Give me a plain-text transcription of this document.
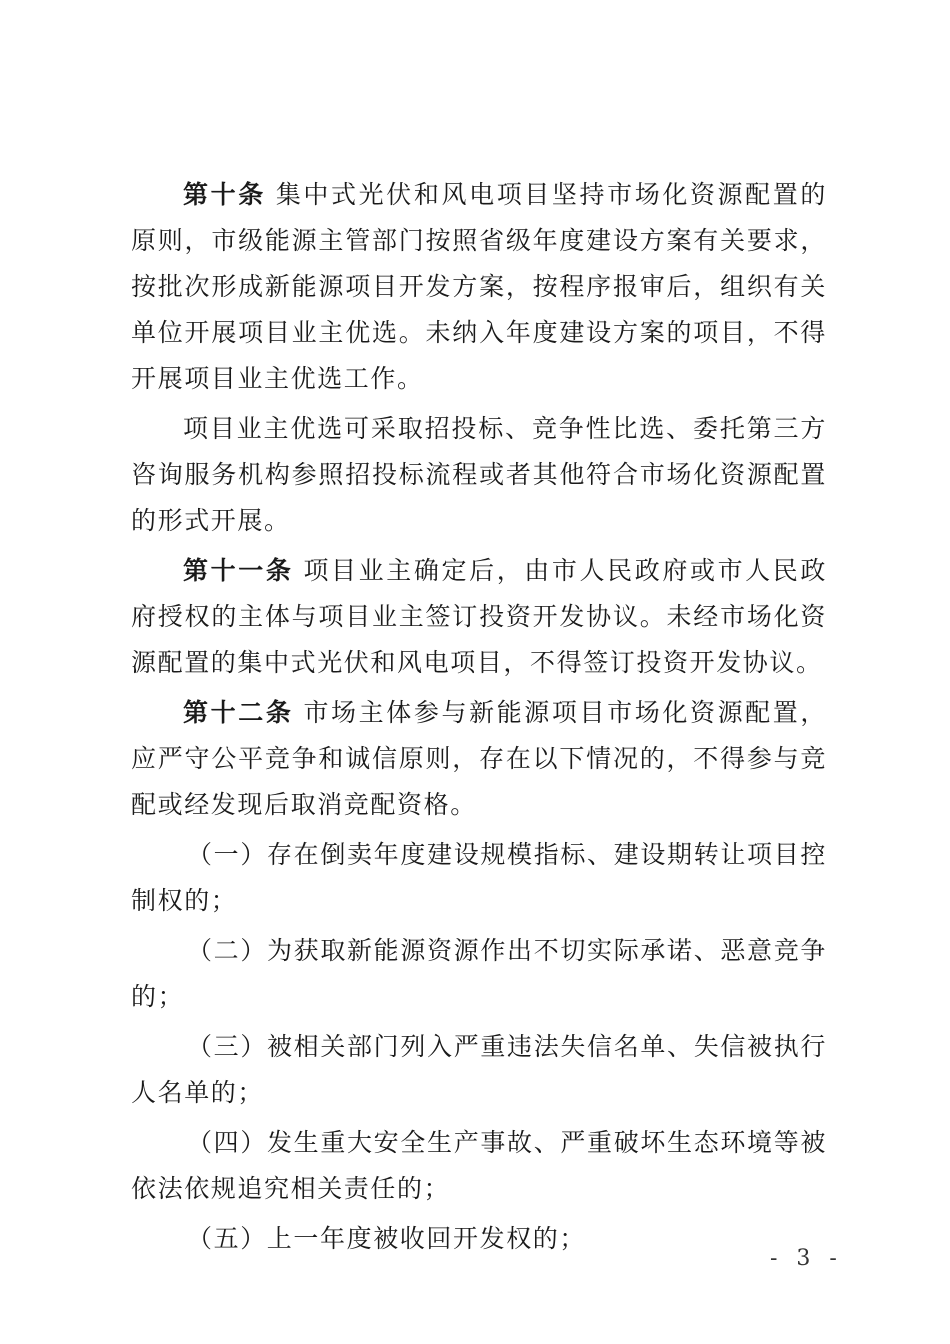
第十条 集中式光伏和风电项目坚持市场化资源配置的原则，市级能源主管部门按照省级年度建设方案有关要求，按批次形成新能源项目开发方案，按程序报审后，组织有关单位开展项目业主优选。未纳入年度建设方案的项目，不得开展项目业主优选工作。

项目业主优选可采取招投标、竞争性比选、委托第三方咨询服务机构参照招投标流程或者其他符合市场化资源配置的形式开展。

第十一条 项目业主确定后，由市人民政府或市人民政府授权的主体与项目业主签订投资开发协议。未经市场化资源配置的集中式光伏和风电项目，不得签订投资开发协议。

第十二条 市场主体参与新能源项目市场化资源配置，应严守公平竞争和诚信原则，存在以下情况的，不得参与竞配或经发现后取消竞配资格。

（一）存在倒卖年度建设规模指标、建设期转让项目控制权的；

（二）为获取新能源资源作出不切实际承诺、恶意竞争的；

（三）被相关部门列入严重违法失信名单、失信被执行人名单的；

（四）发生重大安全生产事故、严重破坏生态环境等被依法依规追究相关责任的；

（五）上一年度被收回开发权的；

- 3 -
